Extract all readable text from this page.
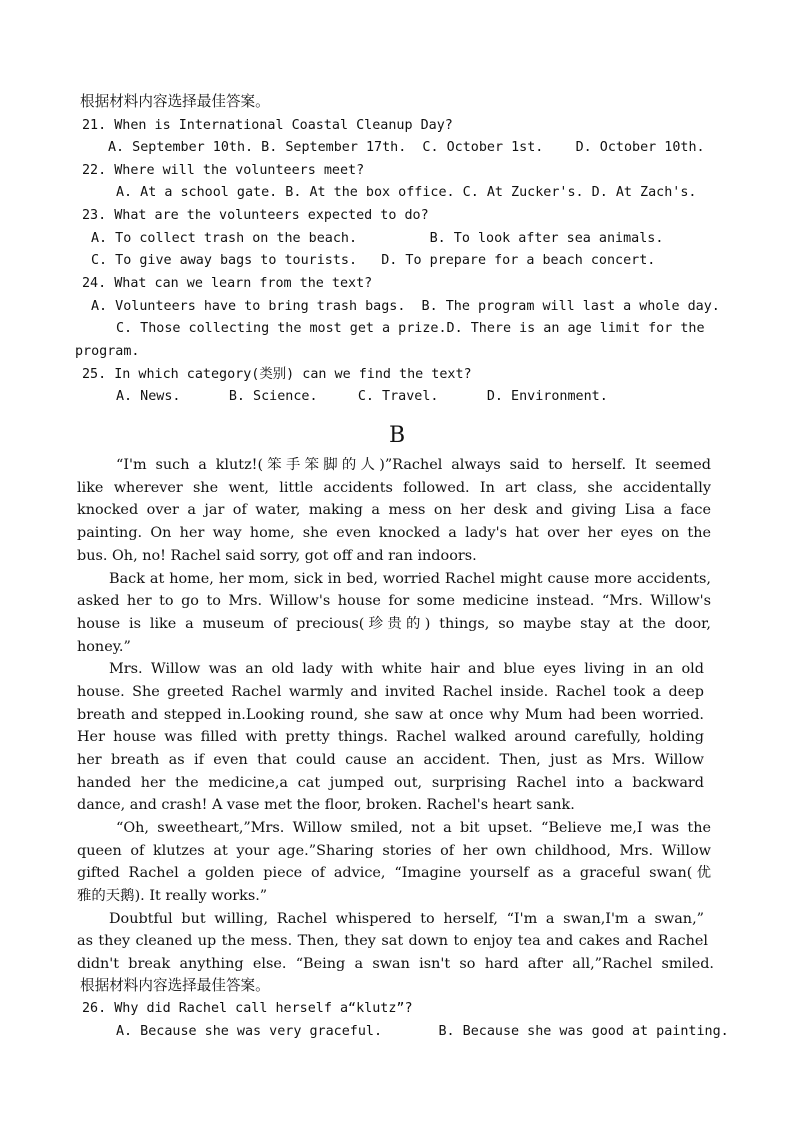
根据材料内容选择最佳答案。
21. When is International Coastal Cleanup Day?
A. September 10th. B. September 17th.  C. October 1st.    D. October 10th.
22. Where will the volunteers meet?
A. At a school gate. B. At the box office. C. At Zucker's. D. At Zach's.
23. What are the volunteers expected to do?
A. To collect trash on the beach.         B. To look after sea animals.
C. To give away bags to tourists.   D. To prepare for a beach concert.
24. What can we learn from the text?
A. Volunteers have to bring trash bags.  B. The program will last a whole day.
C. Those collecting the most get a prize.D. There is an age limit for the
program.
25. In which category(类别) can we find the text?
A. News.      B. Science.     C. Travel.      D. Environment.
B
“I'm such a klutz!(笨手笨脚的人)”Rachel always said to herself. It seemed
like wherever she went, little accidents followed. In art class, she accidentally
knocked over a jar of water, making a mess on her desk and giving Lisa a face
painting. On her way home, she even knocked a lady's hat over her eyes on the
bus. Oh, no! Rachel said sorry, got off and ran indoors.
Back at home, her mom, sick in bed, worried Rachel might cause more accidents,
asked her to go to Mrs. Willow's house for some medicine instead. “Mrs. Willow's
house is like a museum of precious(珍贵的) things, so maybe stay at the door,
honey.”
Mrs. Willow was an old lady with white hair and blue eyes living in an old
house. She greeted Rachel warmly and invited Rachel inside. Rachel took a deep
breath and stepped in.Looking round, she saw at once why Mum had been worried.
Her house was filled with pretty things. Rachel walked around carefully, holding
her breath as if even that could cause an accident. Then, just as Mrs. Willow
handed her the medicine,a cat jumped out, surprising Rachel into a backward
dance, and crash! A vase met the floor, broken. Rachel's heart sank.
“Oh, sweetheart,”Mrs. Willow smiled, not a bit upset. “Believe me,I was the
queen of klutzes at your age.”Sharing stories of her own childhood, Mrs. Willow
gifted Rachel a golden piece of advice, “Imagine yourself as a graceful swan(优
雅的天鹅). It really works.”
Doubtful but willing, Rachel whispered to herself, “I'm a swan,I'm a swan,”
as they cleaned up the mess. Then, they sat down to enjoy tea and cakes and Rachel
didn't break anything else. “Being a swan isn't so hard after all,”Rachel smiled.
根据材料内容选择最佳答案。
26. Why did Rachel call herself a“klutz”?
A. Because she was very graceful.       B. Because she was good at painting.
